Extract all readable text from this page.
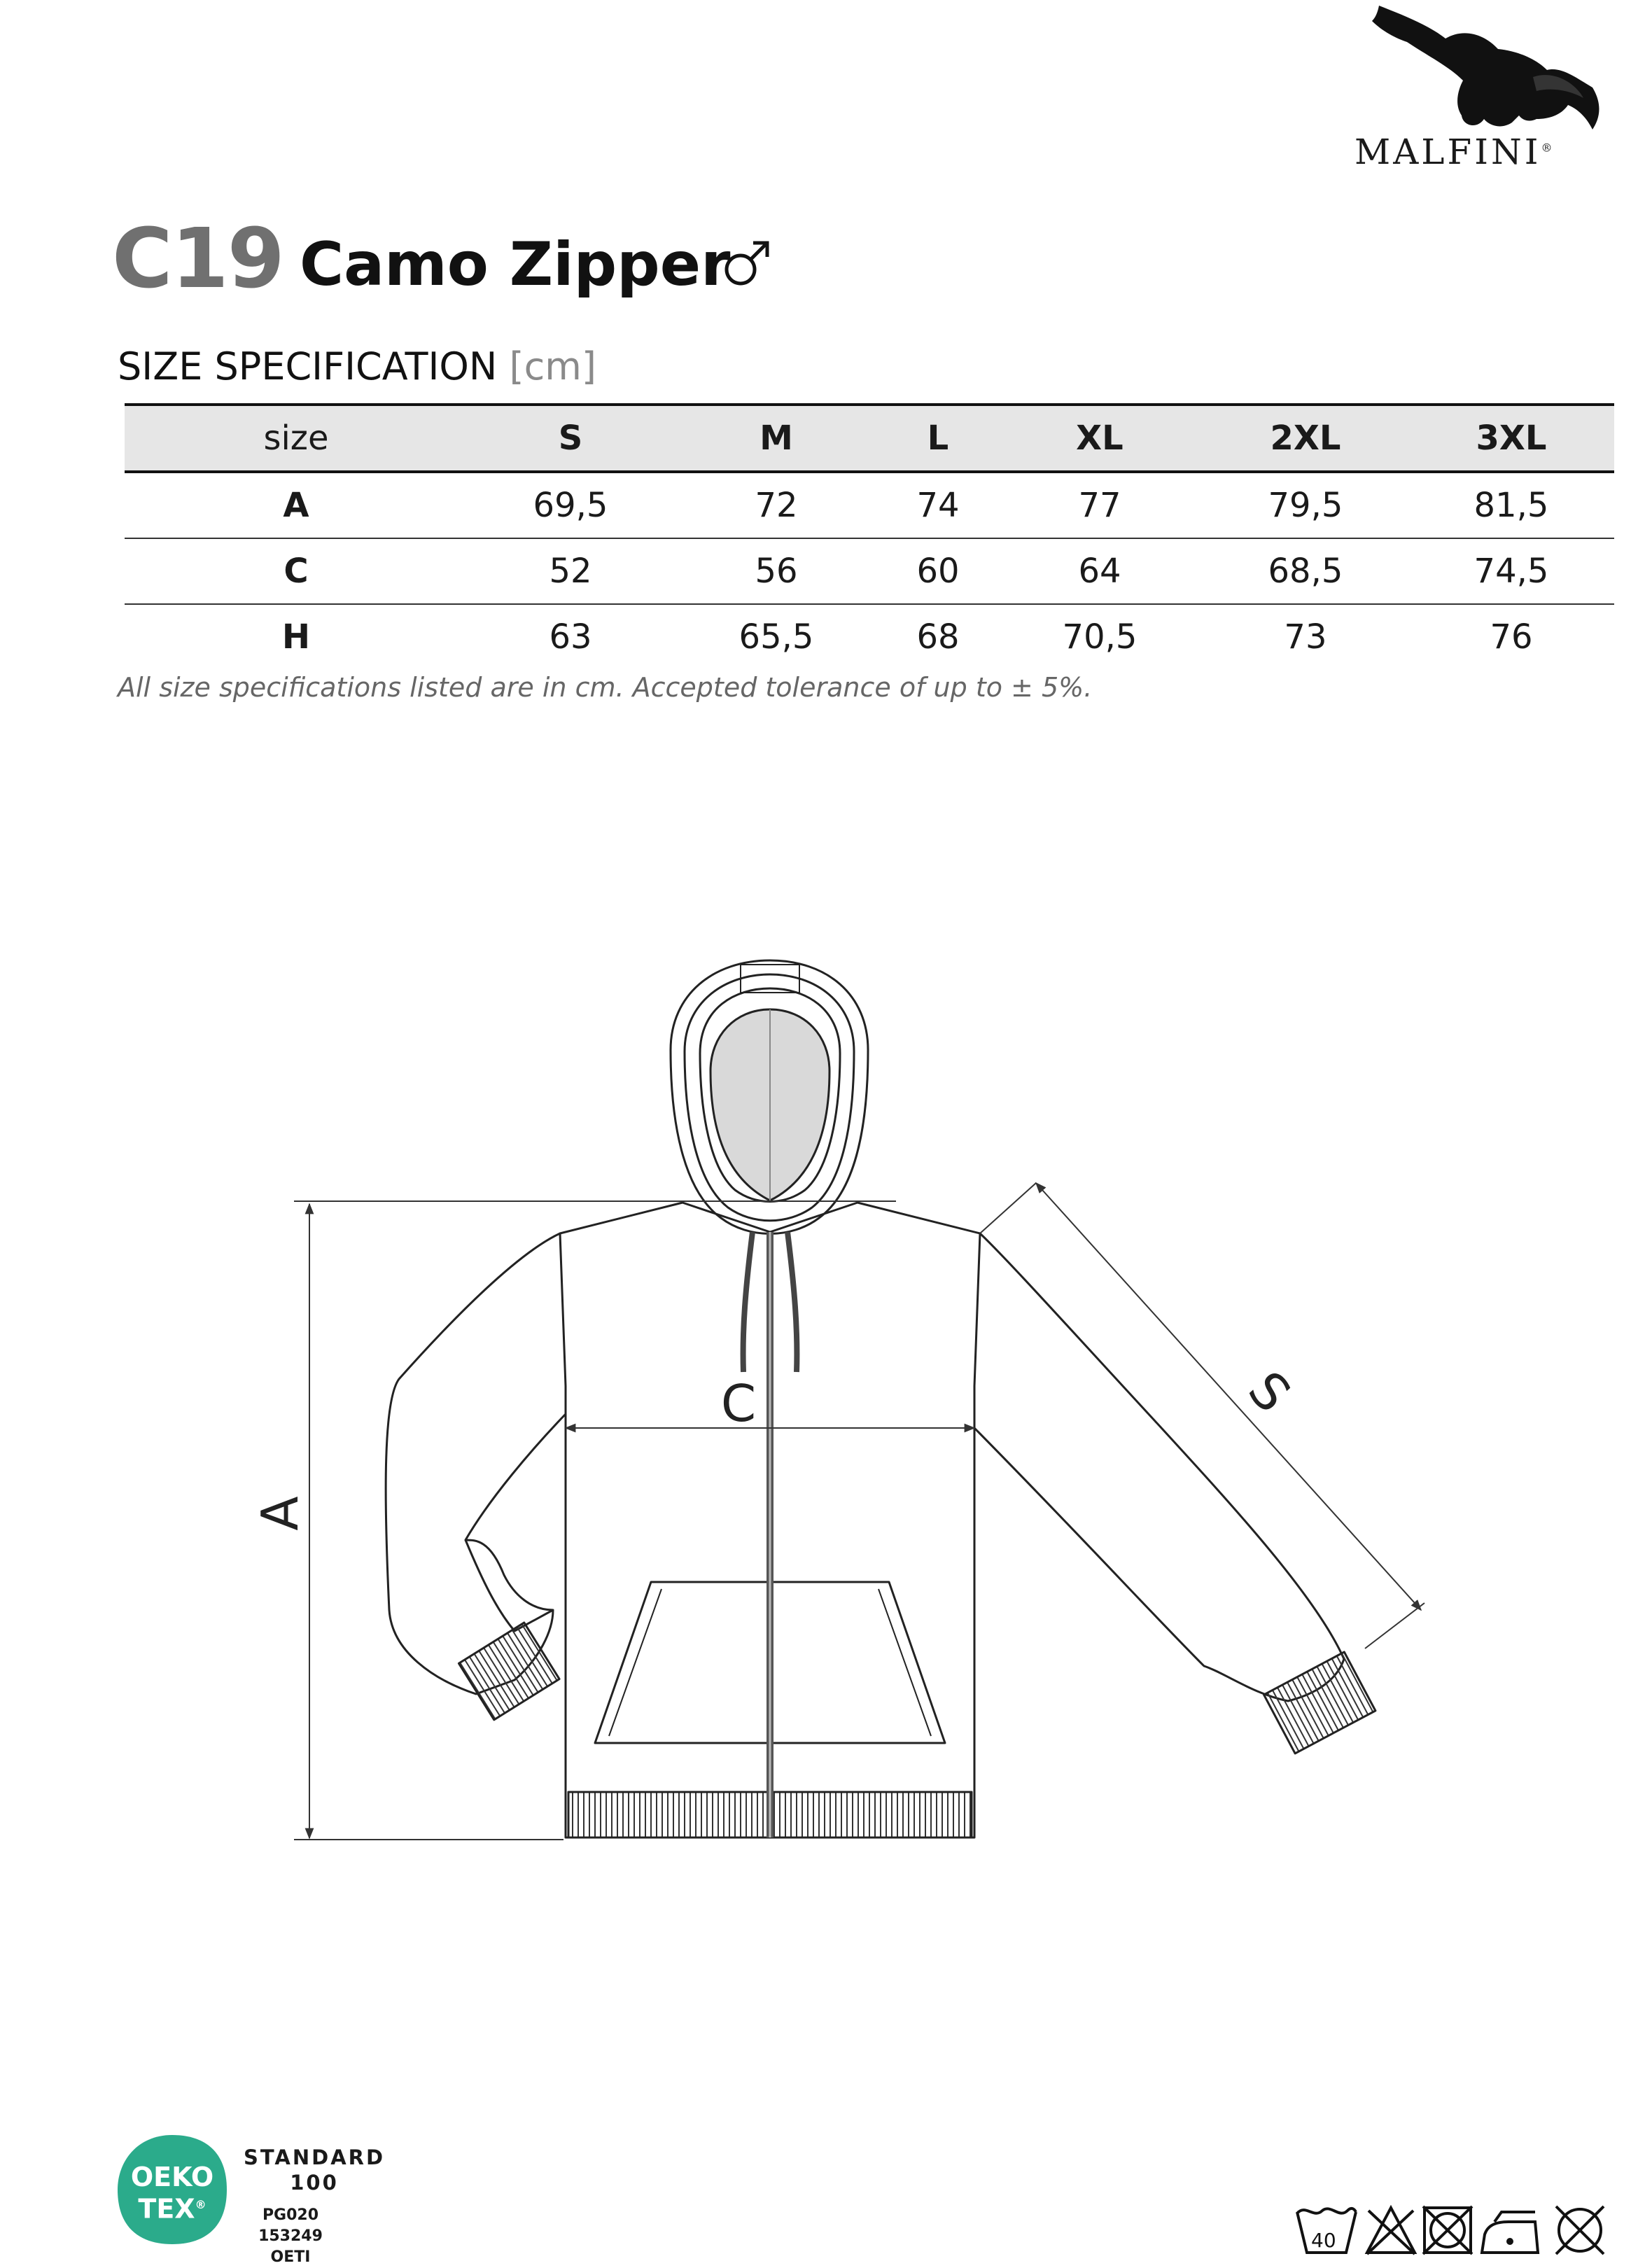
MALFINI®
C19 Camo Zipper
SIZE SPECIFICATION [cm]
size	S	M	L	XL	2XL	3XL
A	69,5	72	74	77	79,5	81,5
C	52	56	60	64	68,5	74,5
H	63	65,5	68	70,5	73	76
All size specifications listed are in cm. Accepted tolerance of up to ± 5%.
A
C	S
OEKO
TEX®
STANDARD
100
PG020 153249
OETI
40
